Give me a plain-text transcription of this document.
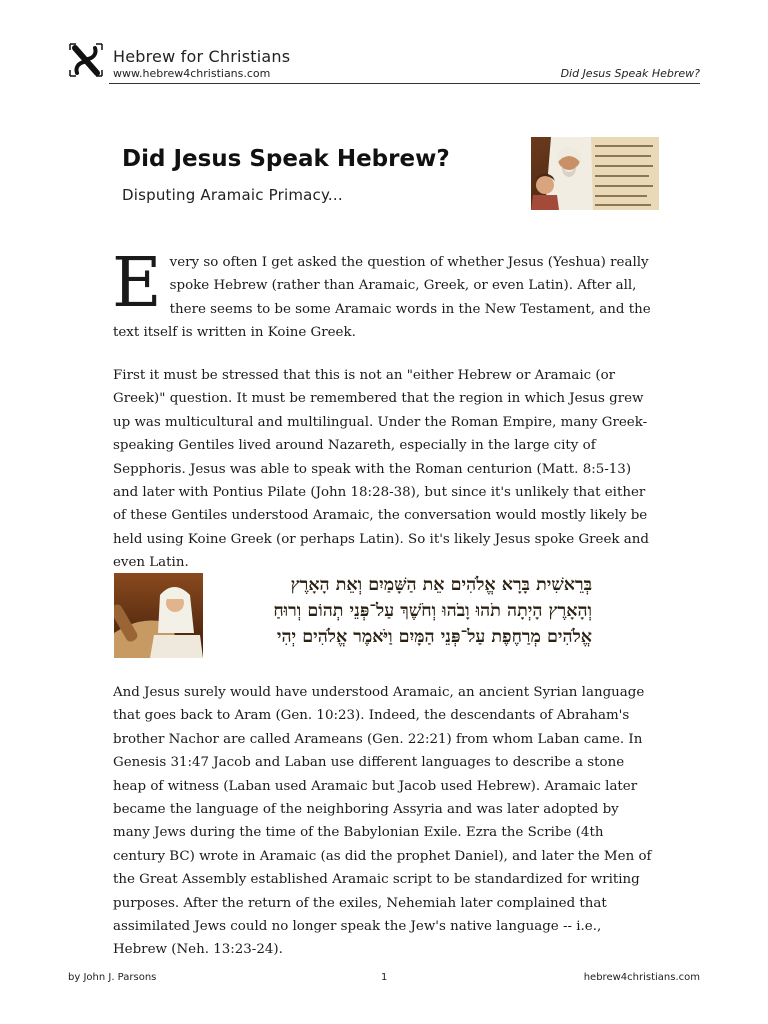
Hebrew for Christians
www.hebrew4christians.com	Did Jesus Speak Hebrew?
Did Jesus Speak Hebrew?
Disputing Aramaic Primacy...

Every so often I get asked the question of whether Jesus (Yeshua) really spoke Hebrew (rather than Aramaic, Greek, or even Latin). After all, there seems to be some Aramaic words in the New Testament, and the text itself is written in Koine Greek.

First it must be stressed that this is not an "either Hebrew or Aramaic (or Greek)" question. It must be remembered that the region in which Jesus grew up was multicultural and multilingual. Under the Roman Empire, many Greek-speaking Gentiles lived around Nazareth, especially in the large city of Sepphoris. Jesus was able to speak with the Roman centurion (Matt. 8:5-13) and later with Pontius Pilate (John 18:28-38), but since it's unlikely that either of these Gentiles understood Aramaic, the conversation would mostly likely be held using Koine Greek (or perhaps Latin). So it's likely Jesus spoke Greek and even Latin.

בְּרֵאשִׁית בָּרָא אֱלֹהִים אֵת הַשָּׁמַיִם וְאֵת הָאָרֶץ
וְהָאָרֶץ הָיְתָה תֹהוּ וָבֹהוּ וְחֹשֶׁךְ עַל־פְּנֵי תְהוֹם וְרוּחַ
אֱלֹהִים מְרַחֶפֶת עַל־פְּנֵי הַמָּיִם וַיֹּאמֶר אֱלֹהִים יְהִי

And Jesus surely would have understood Aramaic, an ancient Syrian language that goes back to Aram (Gen. 10:23). Indeed, the descendants of Abraham's brother Nachor are called Arameans (Gen. 22:21) from whom Laban came. In Genesis 31:47 Jacob and Laban use different languages to describe a stone heap of witness (Laban used Aramaic but Jacob used Hebrew). Aramaic later became the language of the neighboring Assyria and was later adopted by many Jews during the time of the Babylonian Exile. Ezra the Scribe (4th century BC) wrote in Aramaic (as did the prophet Daniel), and later the Men of the Great Assembly established Aramaic script to be standardized for writing purposes. After the return of the exiles, Nehemiah later complained that assimilated Jews could no longer speak the Jew's native language -- i.e., Hebrew (Neh. 13:23-24).

by John J. Parsons	1	hebrew4christians.com
